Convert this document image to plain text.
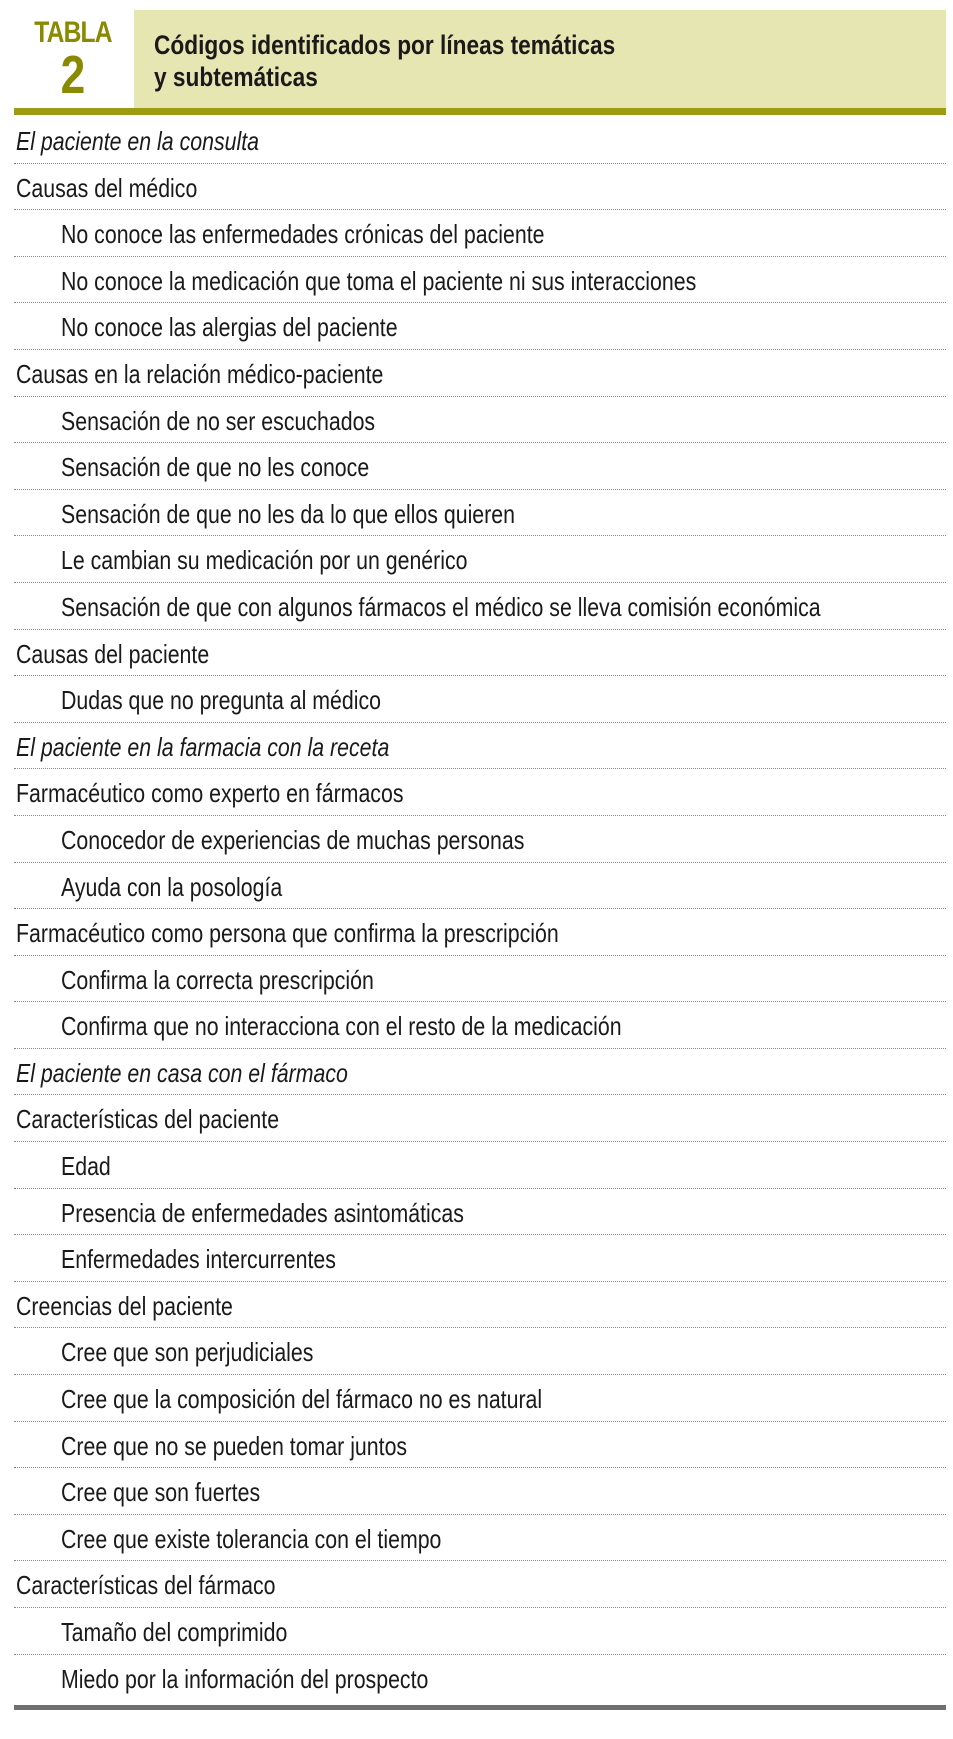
TABLA
2	Códigos identificados por líneas temáticas
y subtemáticas
El paciente en la consulta
Causas del médico
No conoce las enfermedades crónicas del paciente
No conoce la medicación que toma el paciente ni sus interacciones
No conoce las alergias del paciente
Causas en la relación médico-paciente
Sensación de no ser escuchados
Sensación de que no les conoce
Sensación de que no les da lo que ellos quieren
Le cambian su medicación por un genérico
Sensación de que con algunos fármacos el médico se lleva comisión económica
Causas del paciente
Dudas que no pregunta al médico
El paciente en la farmacia con la receta
Farmacéutico como experto en fármacos
Conocedor de experiencias de muchas personas
Ayuda con la posología
Farmacéutico como persona que confirma la prescripción
Confirma la correcta prescripción
Confirma que no interacciona con el resto de la medicación
El paciente en casa con el fármaco
Características del paciente
Edad
Presencia de enfermedades asintomáticas
Enfermedades intercurrentes
Creencias del paciente
Cree que son perjudiciales
Cree que la composición del fármaco no es natural
Cree que no se pueden tomar juntos
Cree que son fuertes
Cree que existe tolerancia con el tiempo
Características del fármaco
Tamaño del comprimido
Miedo por la información del prospecto
